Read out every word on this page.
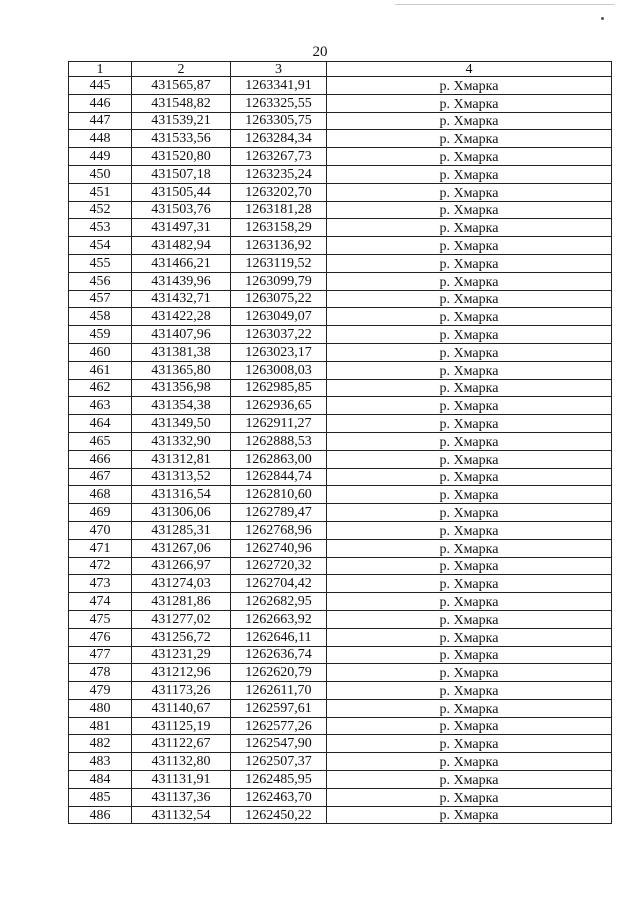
20
1	2	3	4
445	431565,87	1263341,91	р. Хмарка
446	431548,82	1263325,55	р. Хмарка
447	431539,21	1263305,75	р. Хмарка
448	431533,56	1263284,34	р. Хмарка
449	431520,80	1263267,73	р. Хмарка
450	431507,18	1263235,24	р. Хмарка
451	431505,44	1263202,70	р. Хмарка
452	431503,76	1263181,28	р. Хмарка
453	431497,31	1263158,29	р. Хмарка
454	431482,94	1263136,92	р. Хмарка
455	431466,21	1263119,52	р. Хмарка
456	431439,96	1263099,79	р. Хмарка
457	431432,71	1263075,22	р. Хмарка
458	431422,28	1263049,07	р. Хмарка
459	431407,96	1263037,22	р. Хмарка
460	431381,38	1263023,17	р. Хмарка
461	431365,80	1263008,03	р. Хмарка
462	431356,98	1262985,85	р. Хмарка
463	431354,38	1262936,65	р. Хмарка
464	431349,50	1262911,27	р. Хмарка
465	431332,90	1262888,53	р. Хмарка
466	431312,81	1262863,00	р. Хмарка
467	431313,52	1262844,74	р. Хмарка
468	431316,54	1262810,60	р. Хмарка
469	431306,06	1262789,47	р. Хмарка
470	431285,31	1262768,96	р. Хмарка
471	431267,06	1262740,96	р. Хмарка
472	431266,97	1262720,32	р. Хмарка
473	431274,03	1262704,42	р. Хмарка
474	431281,86	1262682,95	р. Хмарка
475	431277,02	1262663,92	р. Хмарка
476	431256,72	1262646,11	р. Хмарка
477	431231,29	1262636,74	р. Хмарка
478	431212,96	1262620,79	р. Хмарка
479	431173,26	1262611,70	р. Хмарка
480	431140,67	1262597,61	р. Хмарка
481	431125,19	1262577,26	р. Хмарка
482	431122,67	1262547,90	р. Хмарка
483	431132,80	1262507,37	р. Хмарка
484	431131,91	1262485,95	р. Хмарка
485	431137,36	1262463,70	р. Хмарка
486	431132,54	1262450,22	р. Хмарка
